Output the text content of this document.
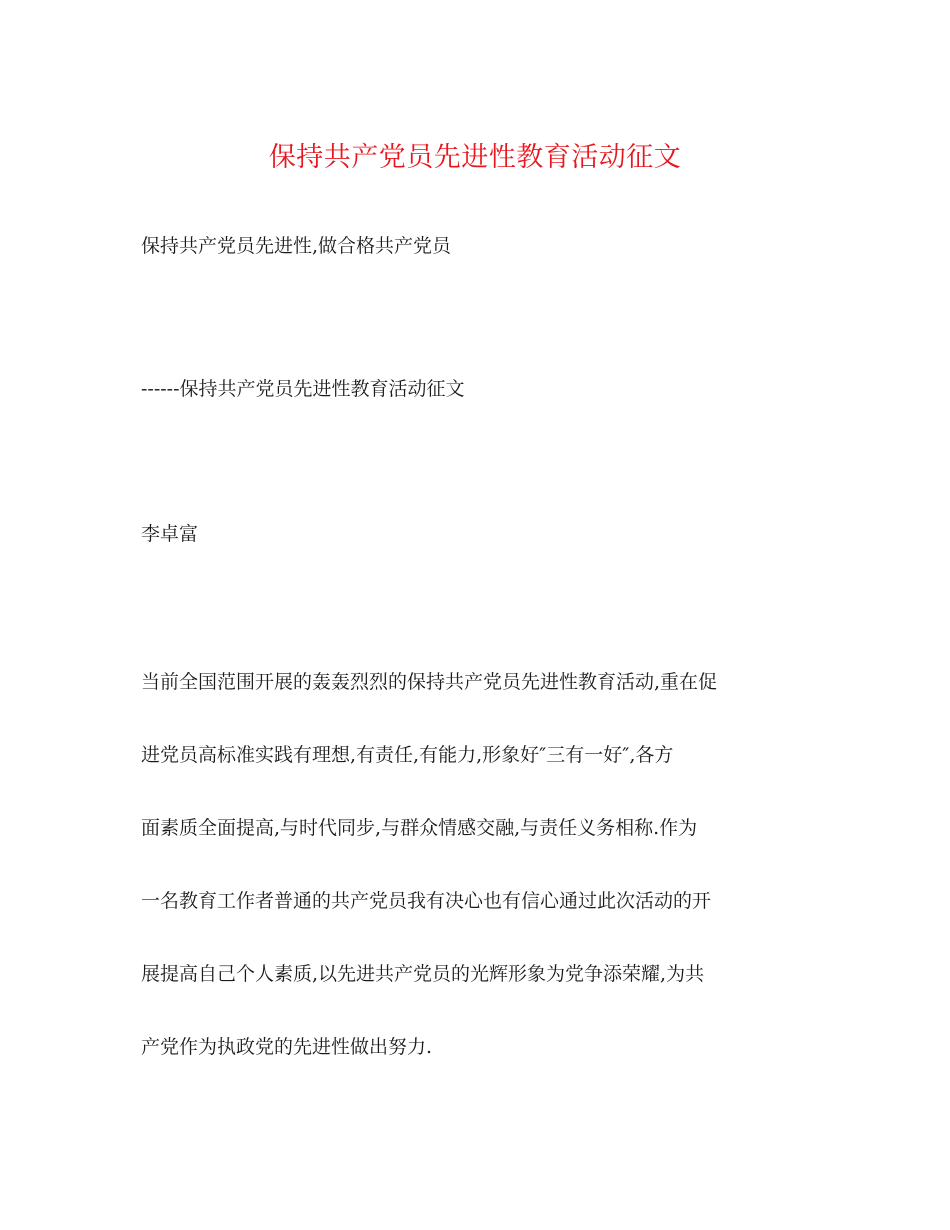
保持共产党员先进性教育活动征文
保持共产党员先进性,做合格共产党员
------保持共产党员先进性教育活动征文
李卓富
当前全国范围开展的轰轰烈烈的保持共产党员先进性教育活动,重在促
进党员高标准实践有理想,有责任,有能力,形象好″三有一好″,各方
面素质全面提高,与时代同步,与群众情感交融,与责任义务相称.作为
一名教育工作者普通的共产党员我有决心也有信心通过此次活动的开
展提高自己个人素质,以先进共产党员的光辉形象为党争添荣耀,为共
产党作为执政党的先进性做出努力.
